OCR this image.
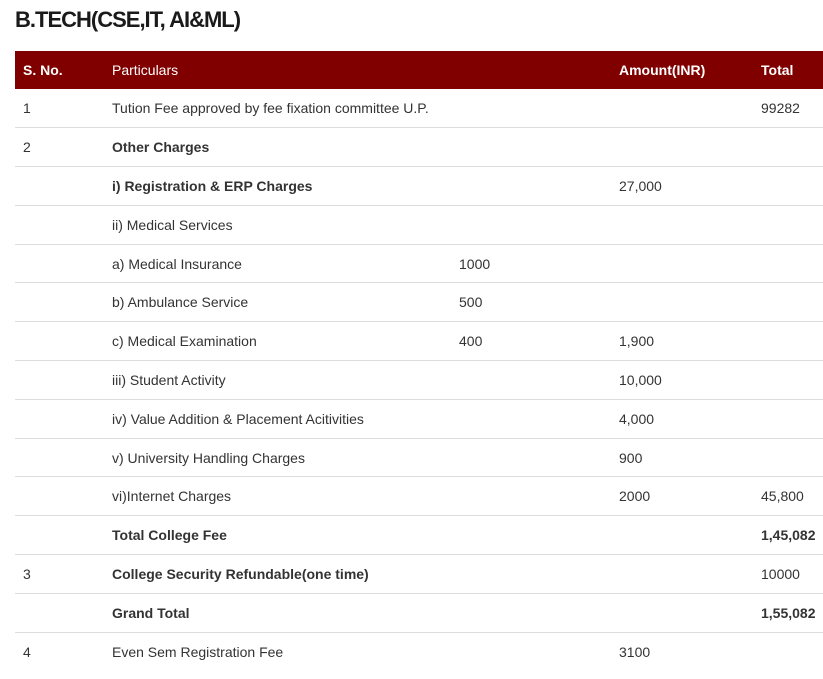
B.TECH(CSE,IT, AI&ML)
S. No.	Particulars		Amount(INR)	Total
1	Tution Fee approved by fee fixation committee U.P.			99282
2	Other Charges			
	i) Registration & ERP Charges		27,000	
	ii) Medical Services			
	a) Medical Insurance	1000		
	b) Ambulance Service	500		
	c) Medical Examination	400	1,900	
	iii) Student Activity		10,000	
	iv) Value Addition & Placement Acitivities		4,000	
	v) University Handling Charges		900	
	vi)Internet Charges		2000	45,800
	Total College Fee			1,45,082
3	College Security Refundable(one time)			10000
	Grand Total			1,55,082
4	Even Sem Registration Fee		3100	
